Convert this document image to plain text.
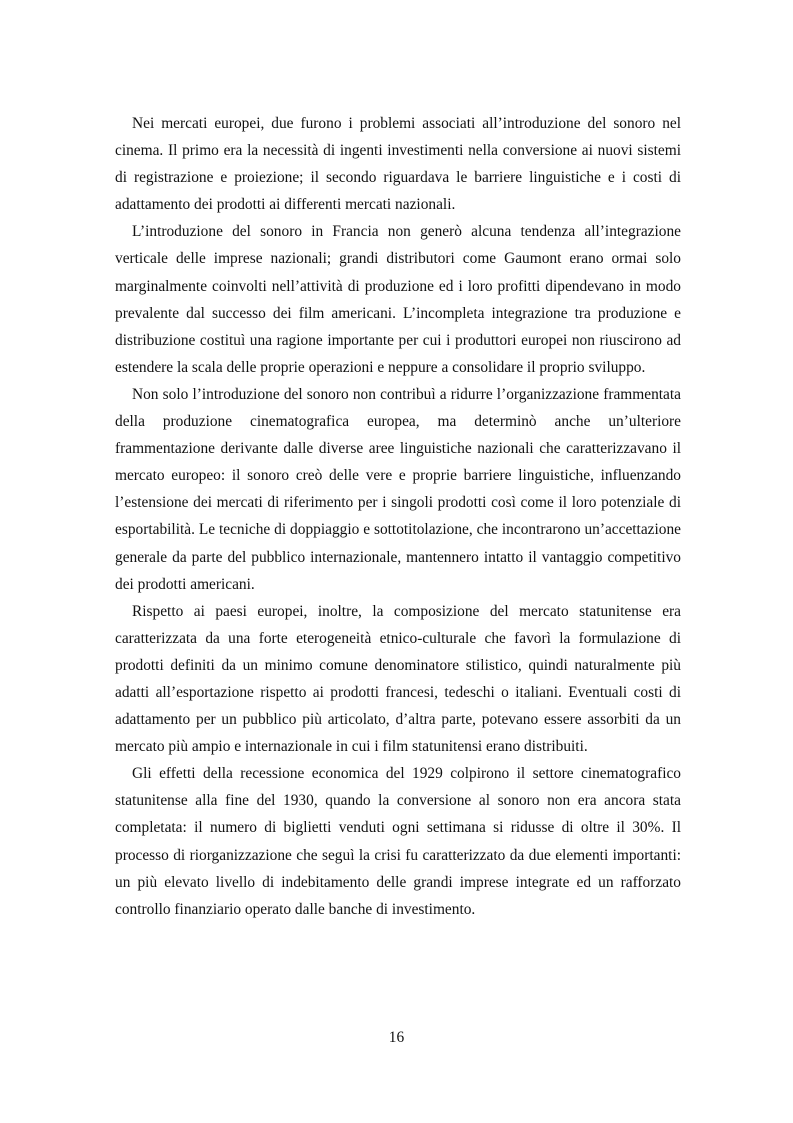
Nei mercati europei, due furono i problemi associati all’introduzione del sonoro nel cinema. Il primo era la necessità di ingenti investimenti nella conversione ai nuovi sistemi di registrazione e proiezione; il secondo riguardava le barriere linguistiche e i costi di adattamento dei prodotti ai differenti mercati nazionali.

L’introduzione del sonoro in Francia non generò alcuna tendenza all’integrazione verticale delle imprese nazionali; grandi distributori come Gaumont erano ormai solo marginalmente coinvolti nell’attività di produzione ed i loro profitti dipendevano in modo prevalente dal successo dei film americani. L’incompleta integrazione tra produzione e distribuzione costituì una ragione importante per cui i produttori europei non riuscirono ad estendere la scala delle proprie operazioni e neppure a consolidare il proprio sviluppo.

Non solo l’introduzione del sonoro non contribuì a ridurre l’organizzazione frammentata della produzione cinematografica europea, ma determinò anche un’ulteriore frammentazione derivante dalle diverse aree linguistiche nazionali che caratterizzavano il mercato europeo: il sonoro creò delle vere e proprie barriere linguistiche, influenzando l’estensione dei mercati di riferimento per i singoli prodotti così come il loro potenziale di esportabilità. Le tecniche di doppiaggio e sottotitolazione, che incontrarono un’accettazione generale da parte del pubblico internazionale, mantennero intatto il vantaggio competitivo dei prodotti americani.

Rispetto ai paesi europei, inoltre, la composizione del mercato statunitense era caratterizzata da una forte eterogeneità etnico-culturale che favorì la formulazione di prodotti definiti da un minimo comune denominatore stilistico, quindi naturalmente più adatti all’esportazione rispetto ai prodotti francesi, tedeschi o italiani. Eventuali costi di adattamento per un pubblico più articolato, d’altra parte, potevano essere assorbiti da un mercato più ampio e internazionale in cui i film statunitensi erano distribuiti.

Gli effetti della recessione economica del 1929 colpirono il settore cinematografico statunitense alla fine del 1930, quando la conversione al sonoro non era ancora stata completata: il numero di biglietti venduti ogni settimana si ridusse di oltre il 30%. Il processo di riorganizzazione che seguì la crisi fu caratterizzato da due elementi importanti: un più elevato livello di indebitamento delle grandi imprese integrate ed un rafforzato controllo finanziario operato dalle banche di investimento.

16
